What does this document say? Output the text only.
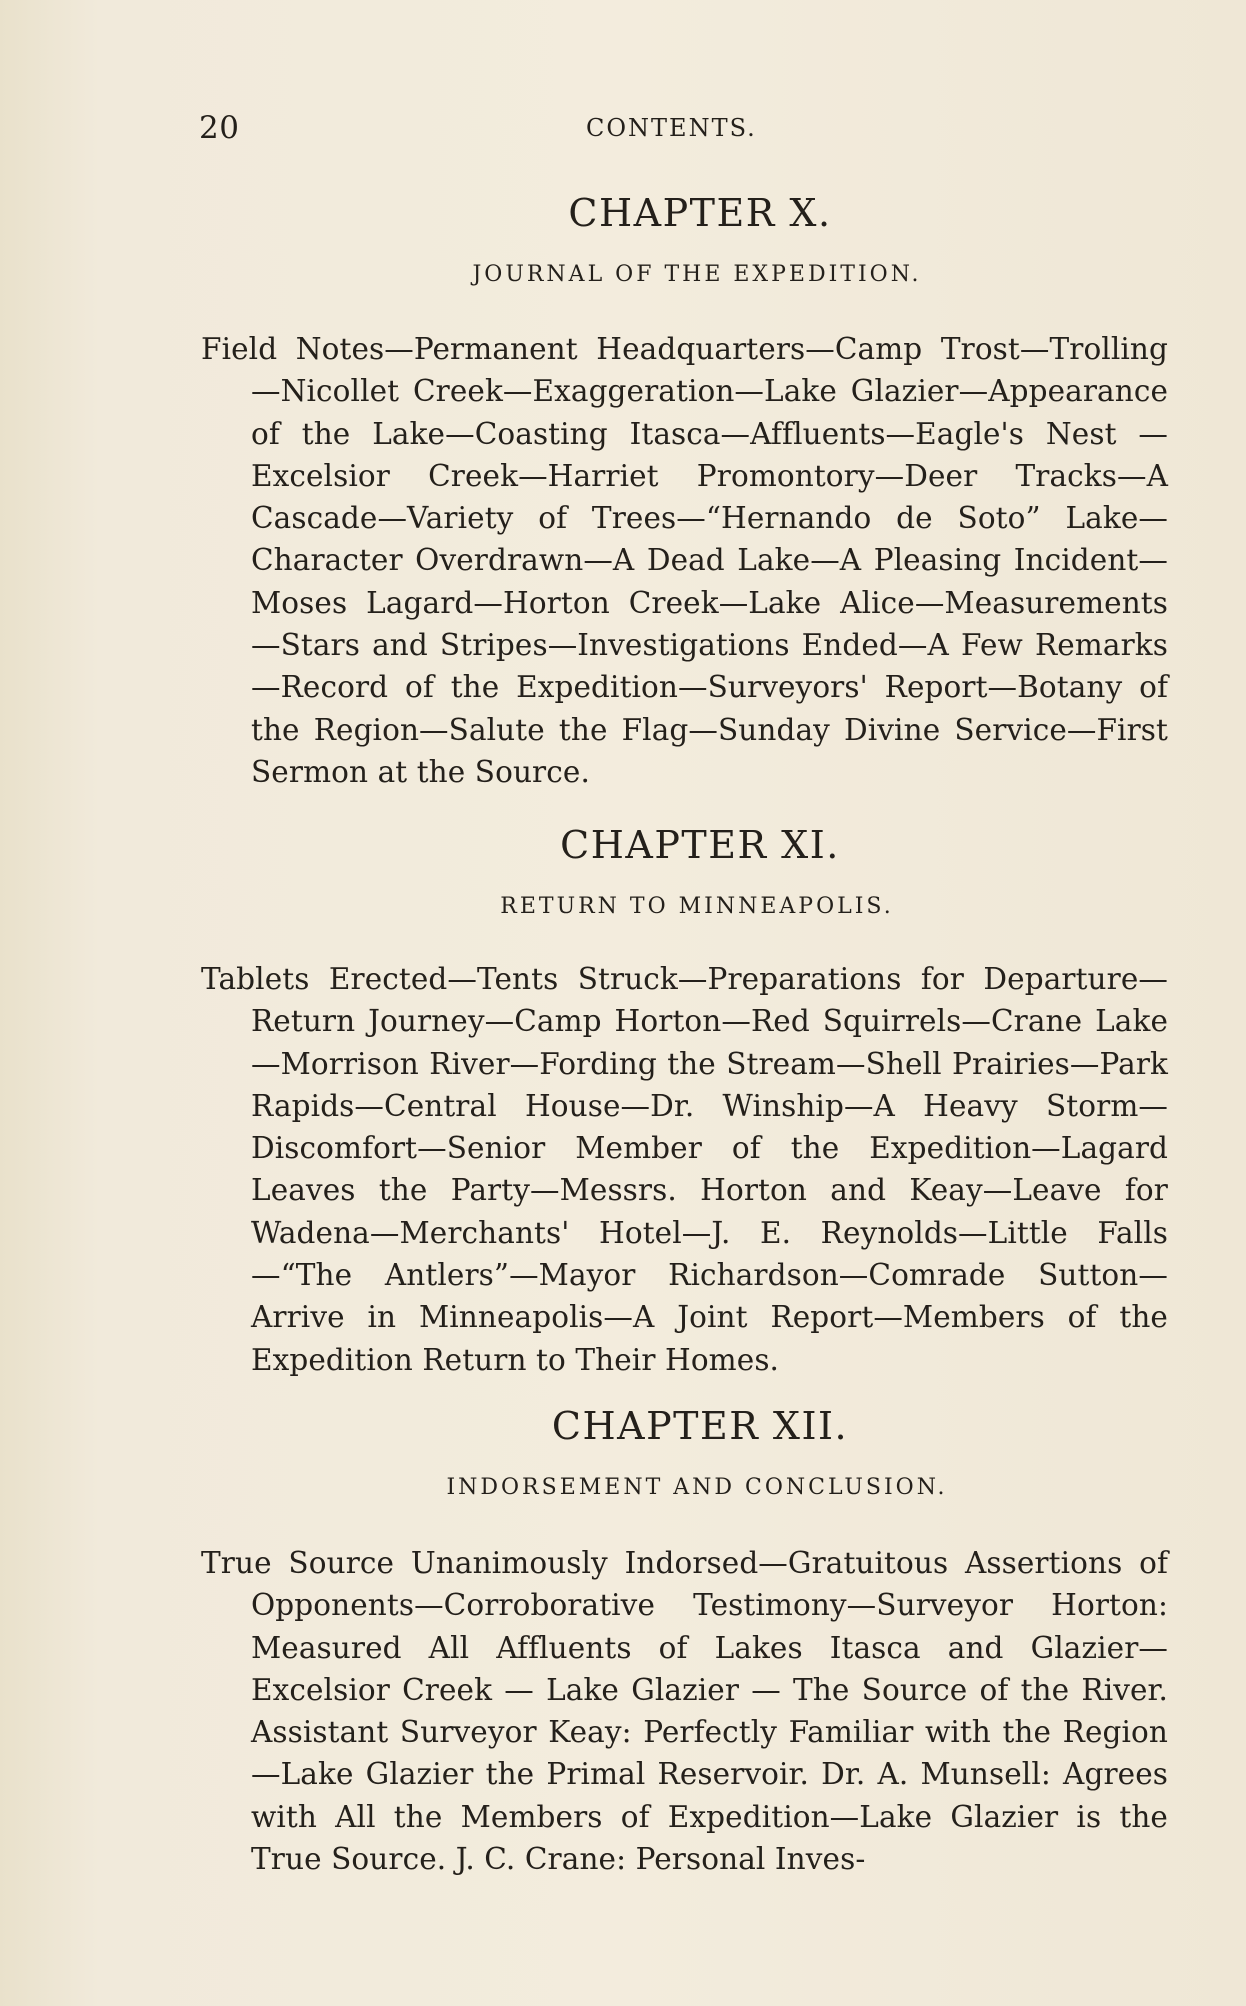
20	CONTENTS.
CHAPTER X.
JOURNAL OF THE EXPEDITION.

Field Notes—Permanent Headquarters—Camp Trost—Trolling —Nicollet Creek—Exaggeration—Lake Glazier—Appearance of the Lake—Coasting Itasca—Affluents—Eagle's Nest —Excelsior Creek—Harriet Promontory—Deer Tracks—A Cascade—Variety of Trees—“Hernando de Soto” Lake—Character Overdrawn—A Dead Lake—A Pleasing Incident—Moses Lagard—Horton Creek—Lake Alice—Measurements—Stars and Stripes—Investigations Ended—A Few Remarks—Record of the Expedition—Surveyors' Report—Botany of the Region—Salute the Flag—Sunday Divine Service—First Sermon at the Source.

CHAPTER XI.
RETURN TO MINNEAPOLIS.

Tablets Erected—Tents Struck—Preparations for Departure—Return Journey—Camp Horton—Red Squirrels—Crane Lake—Morrison River—Fording the Stream—Shell Prairies—Park Rapids—Central House—Dr. Winship—A Heavy Storm—Discomfort—Senior Member of the Expedition—Lagard Leaves the Party—Messrs. Horton and Keay—Leave for Wadena—Merchants' Hotel—J. E. Reynolds—Little Falls—“The Antlers”—Mayor Richardson—Comrade Sutton—Arrive in Minneapolis—A Joint Report—Members of the Expedition Return to Their Homes.

CHAPTER XII.
INDORSEMENT AND CONCLUSION.

True Source Unanimously Indorsed—Gratuitous Assertions of Opponents—Corroborative Testimony—Surveyor Horton: Measured All Affluents of Lakes Itasca and Glazier—Excelsior Creek — Lake Glazier — The Source of the River. Assistant Surveyor Keay: Perfectly Familiar with the Region—Lake Glazier the Primal Reservoir. Dr. A. Munsell: Agrees with All the Members of Expedition—Lake Glazier is the True Source. J. C. Crane: Personal Inves-
